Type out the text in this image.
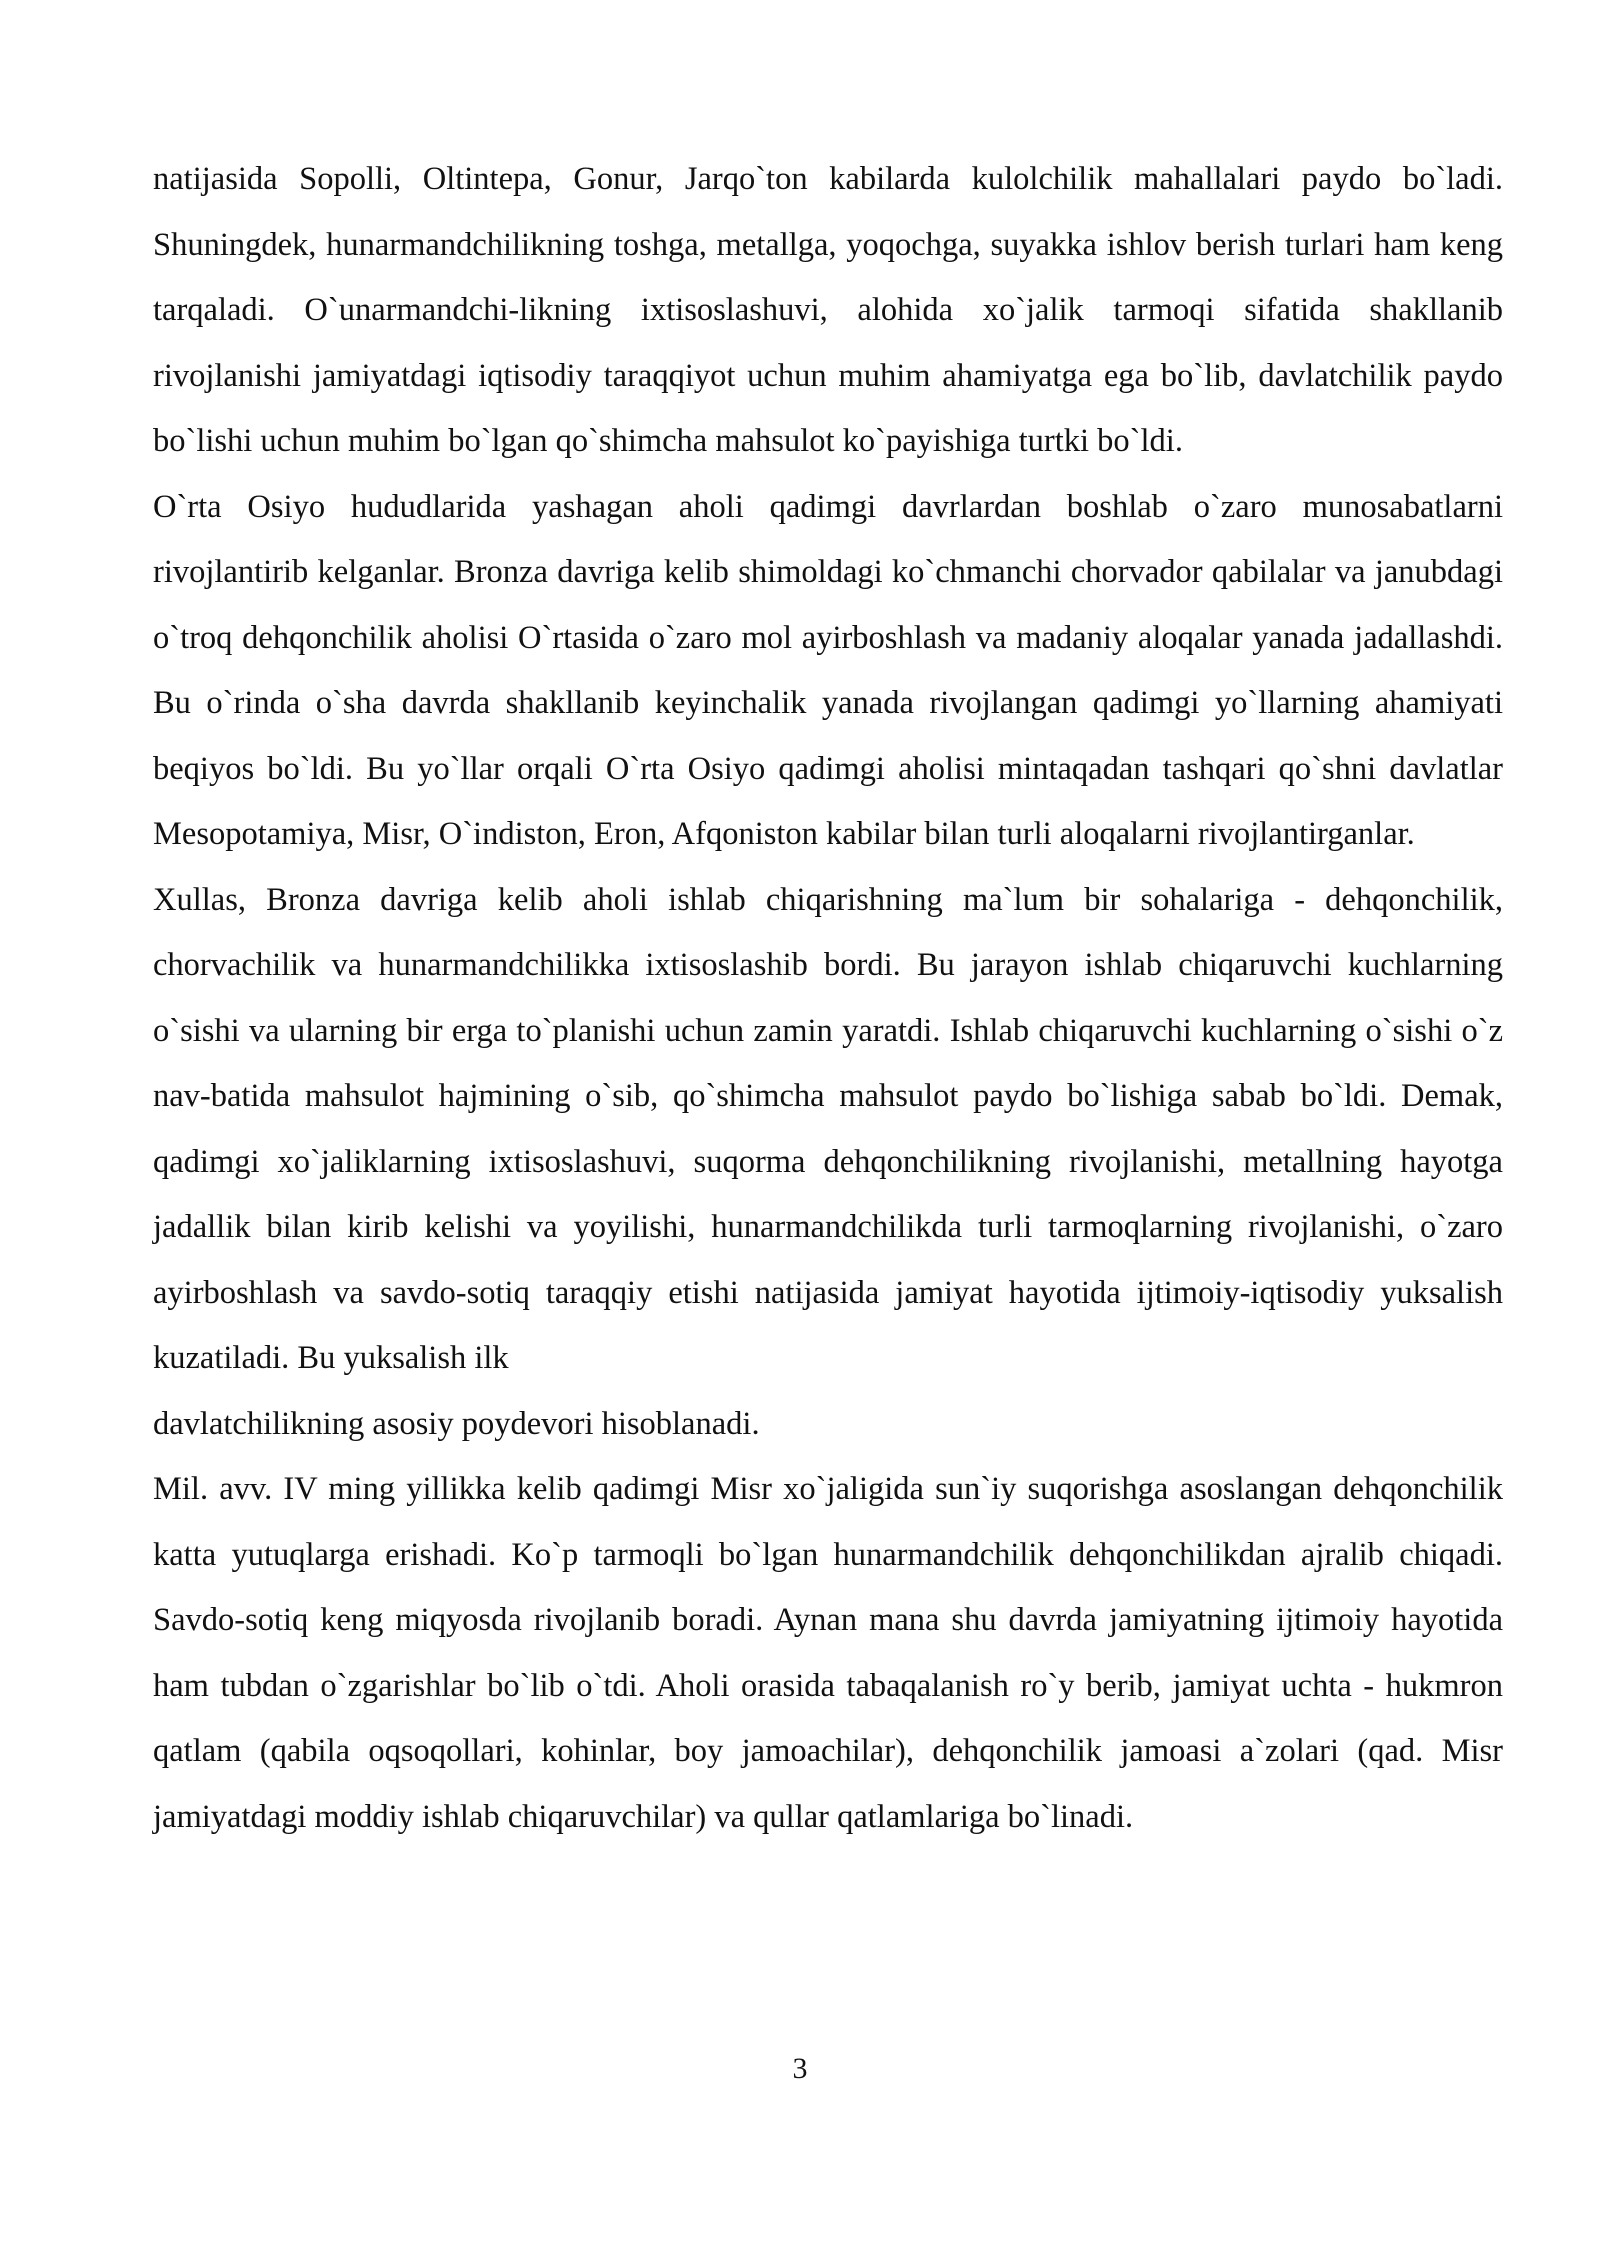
natijasida Sopolli, Oltintepa, Gonur, Jarqo`ton kabilarda kulolchilik mahallalari paydo bo`ladi. Shuningdek, hunarmandchilikning toshga, metallga, yoqochga, suyakka ishlov berish turlari ham keng tarqaladi. O`unarmandchi-likning ixtisoslashuvi, alohida xo`jalik tarmoqi sifatida shakllanib rivojlanishi jamiyatdagi iqtisodiy taraqqiyot uchun muhim ahamiyatga ega bo`lib, davlatchilik paydo bo`lishi uchun muhim bo`lgan qo`shimcha mahsulot ko`payishiga turtki bo`ldi.

O`rta Osiyo hududlarida yashagan aholi qadimgi davrlardan boshlab o`zaro munosabatlarni rivojlantirib kelganlar. Bronza davriga kelib shimoldagi ko`chmanchi chorvador qabilalar va janubdagi o`troq dehqonchilik aholisi O`rtasida o`zaro mol ayirboshlash va madaniy aloqalar yanada jadallashdi. Bu o`rinda o`sha davrda shakllanib keyinchalik yanada rivojlangan qadimgi yo`llarning ahamiyati beqiyos bo`ldi. Bu yo`llar orqali O`rta Osiyo qadimgi aholisi mintaqadan tashqari qo`shni davlatlar Mesopotamiya, Misr, O`indiston, Eron, Afqoniston kabilar bilan turli aloqalarni rivojlantirganlar.

Xullas, Bronza davriga kelib aholi ishlab chiqarishning ma`lum bir sohalariga - dehqonchilik, chorvachilik va hunarmandchilikka ixtisoslashib bordi. Bu jarayon ishlab chiqaruvchi kuchlarning o`sishi va ularning bir erga to`planishi uchun zamin yaratdi. Ishlab chiqaruvchi kuchlarning o`sishi o`z nav-batida mahsulot hajmining o`sib, qo`shimcha mahsulot paydo bo`lishiga sabab bo`ldi. Demak, qadimgi xo`jaliklarning ixtisoslashuvi, suqorma dehqonchilikning rivojlanishi, metallning hayotga jadallik bilan kirib kelishi va yoyilishi, hunarmandchilikda turli tarmoqlarning rivojlanishi, o`zaro ayirboshlash va savdo-sotiq taraqqiy etishi natijasida jamiyat hayotida ijtimoiy-iqtisodiy yuksalish kuzatiladi. Bu yuksalish ilk

davlatchilikning asosiy poydevori hisoblanadi.

Mil. avv. IV ming yillikka kelib qadimgi Misr xo`jaligida sun`iy suqorishga asoslangan dehqonchilik katta yutuqlarga erishadi. Ko`p tarmoqli bo`lgan hunarmandchilik dehqonchilikdan ajralib chiqadi. Savdo-sotiq keng miqyosda rivojlanib boradi. Aynan mana shu davrda jamiyatning ijtimoiy hayotida ham tubdan o`zgarishlar bo`lib o`tdi. Aholi orasida tabaqalanish ro`y berib, jamiyat uchta - hukmron qatlam (qabila oqsoqollari, kohinlar, boy jamoachilar), dehqonchilik jamoasi a`zolari (qad. Misr jamiyatdagi moddiy ishlab chiqaruvchilar) va qullar qatlamlariga bo`linadi.

3
